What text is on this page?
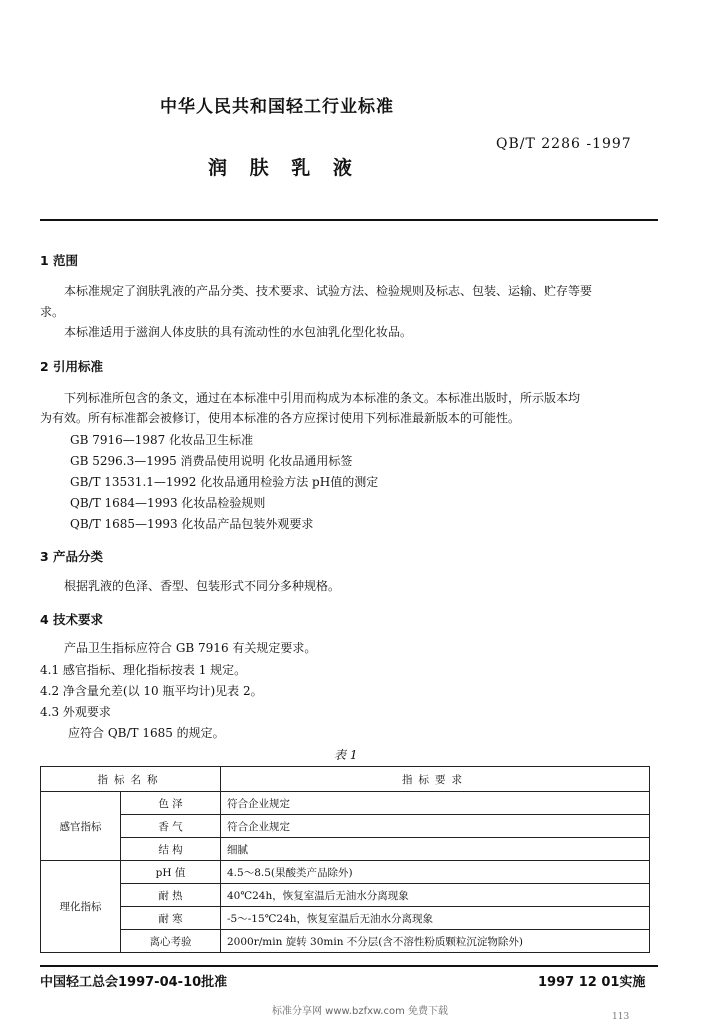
中华人民共和国轻工行业标准
QB/T 2286 -1997
润 肤 乳 液
1 范围
本标准规定了润肤乳液的产品分类、技术要求、试验方法、检验规则及标志、包装、运输、贮存等要
求。
本标准适用于滋润人体皮肤的具有流动性的水包油乳化型化妆品。
2 引用标准
下列标准所包含的条文，通过在本标准中引用而构成为本标准的条文。本标准出版时，所示版本均
为有效。所有标准都会被修订，使用本标准的各方应探讨使用下列标准最新版本的可能性。
GB 7916—1987 化妆品卫生标准
GB 5296.3—1995 消费品使用说明 化妆品通用标签
GB/T 13531.1—1992 化妆品通用检验方法 pH值的测定
QB/T 1684—1993 化妆品检验规则
QB/T 1685—1993 化妆品产品包装外观要求
3 产品分类
根据乳液的色泽、香型、包装形式不同分多种规格。
4 技术要求
产品卫生指标应符合 GB 7916 有关规定要求。
4.1 感官指标、理化指标按表 1 规定。
4.2 净含量允差(以 10 瓶平均计)见表 2。
4.3 外观要求
应符合 QB/T 1685 的规定。
表 1
指标名称		指标要求
感官指标	色 泽	符合企业规定
	香 气	符合企业规定
	结 构	细腻
理化指标	pH 值	4.5～8.5(果酸类产品除外)
	耐 热	40℃24h，恢复室温后无油水分离现象
	耐 寒	-5～-15℃24h，恢复室温后无油水分离现象
	离心考验	2000r/min 旋转 30min 不分层(含不溶性粉质颗粒沉淀物除外)
中国轻工总会1997-04-10批准	1997 12 01实施
标准分享网 www.bzfxw.com 免费下载	113
